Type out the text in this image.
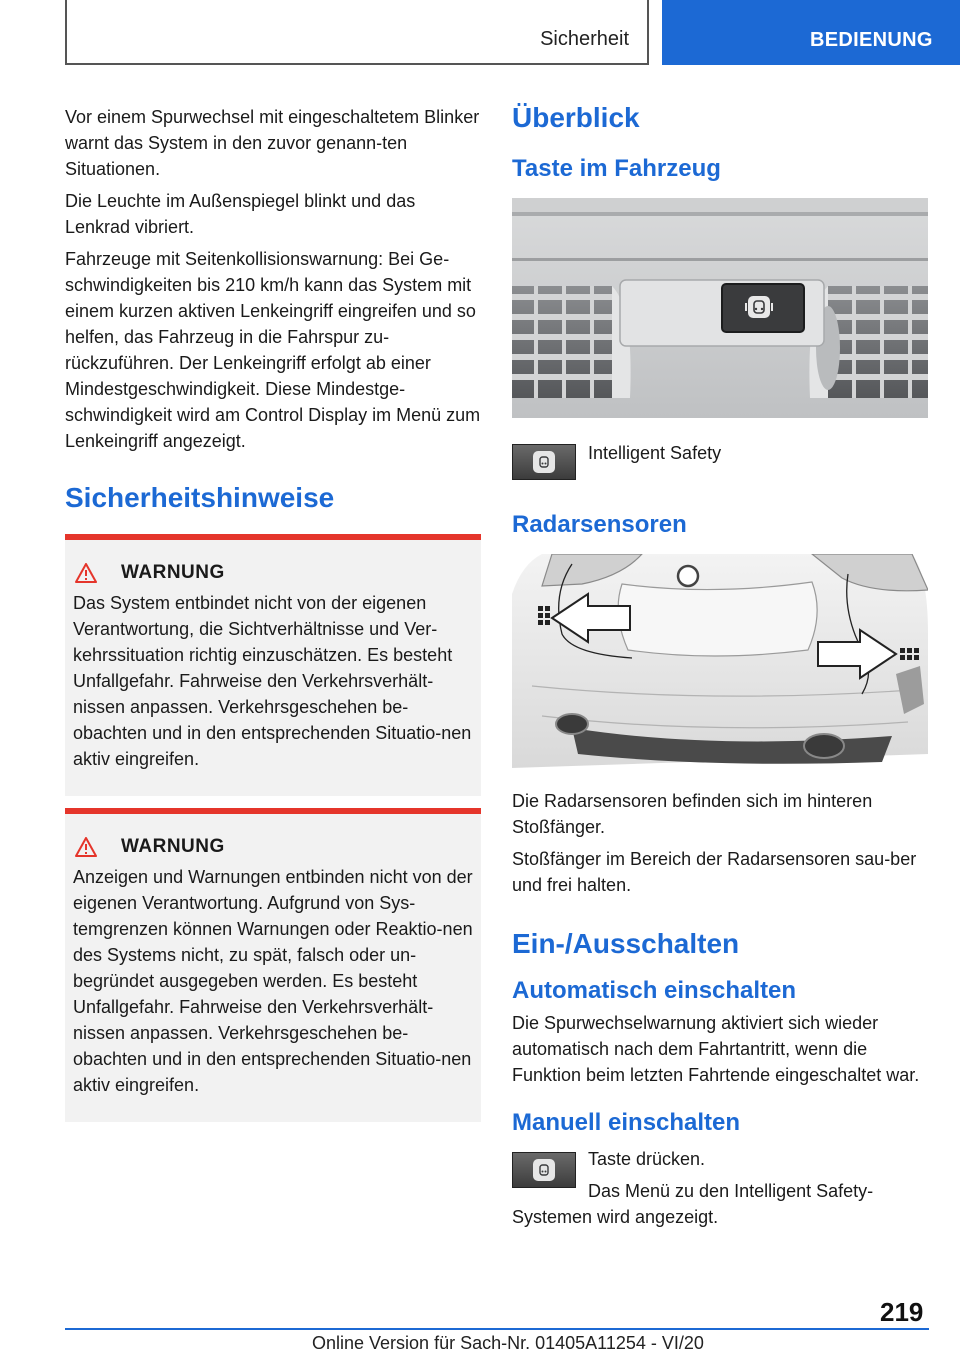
Sicherheit	BEDIENUNG

Vor einem Spurwechsel mit eingeschaltetem Blinker warnt das System in den zuvor genann-ten Situationen.

Die Leuchte im Außenspiegel blinkt und das Lenkrad vibriert.

Fahrzeuge mit Seitenkollisionswarnung: Bei Ge-schwindigkeiten bis 210 km/h kann das System mit einem kurzen aktiven Lenkeingriff eingreifen und so helfen, das Fahrzeug in die Fahrspur zu-rückzuführen. Der Lenkeingriff erfolgt ab einer Mindestgeschwindigkeit. Diese Mindestge-schwindigkeit wird am Control Display im Menü zum Lenkeingriff angezeigt.

Sicherheitshinweise
WARNUNG
Das System entbindet nicht von der eigenen Verantwortung, die Sichtverhältnisse und Ver-kehrssituation richtig einzuschätzen. Es besteht Unfallgefahr. Fahrweise den Verkehrsverhält-nissen anpassen. Verkehrsgeschehen be-obachten und in den entsprechenden Situatio-nen aktiv eingreifen.
WARNUNG
Anzeigen und Warnungen entbinden nicht von der eigenen Verantwortung. Aufgrund von Sys-temgrenzen können Warnungen oder Reaktio-nen des Systems nicht, zu spät, falsch oder un-begründet ausgegeben werden. Es besteht Unfallgefahr. Fahrweise den Verkehrsverhält-nissen anpassen. Verkehrsgeschehen be-obachten und in den entsprechenden Situatio-nen aktiv eingreifen.
Überblick
Taste im Fahrzeug
Intelligent Safety
Radarsensoren

Die Radarsensoren befinden sich im hinteren Stoßfänger.

Stoßfänger im Bereich der Radarsensoren sau-ber und frei halten.

Ein-/Ausschalten
Automatisch einschalten

Die Spurwechselwarnung aktiviert sich wieder automatisch nach dem Fahrtantritt, wenn die Funktion beim letzten Fahrtende eingeschaltet war.

Manuell einschalten

Taste drücken.

Das Menü zu den Intelligent Safety-Systemen wird angezeigt.

219
Online Version für Sach-Nr. 01405A11254 - VI/20
